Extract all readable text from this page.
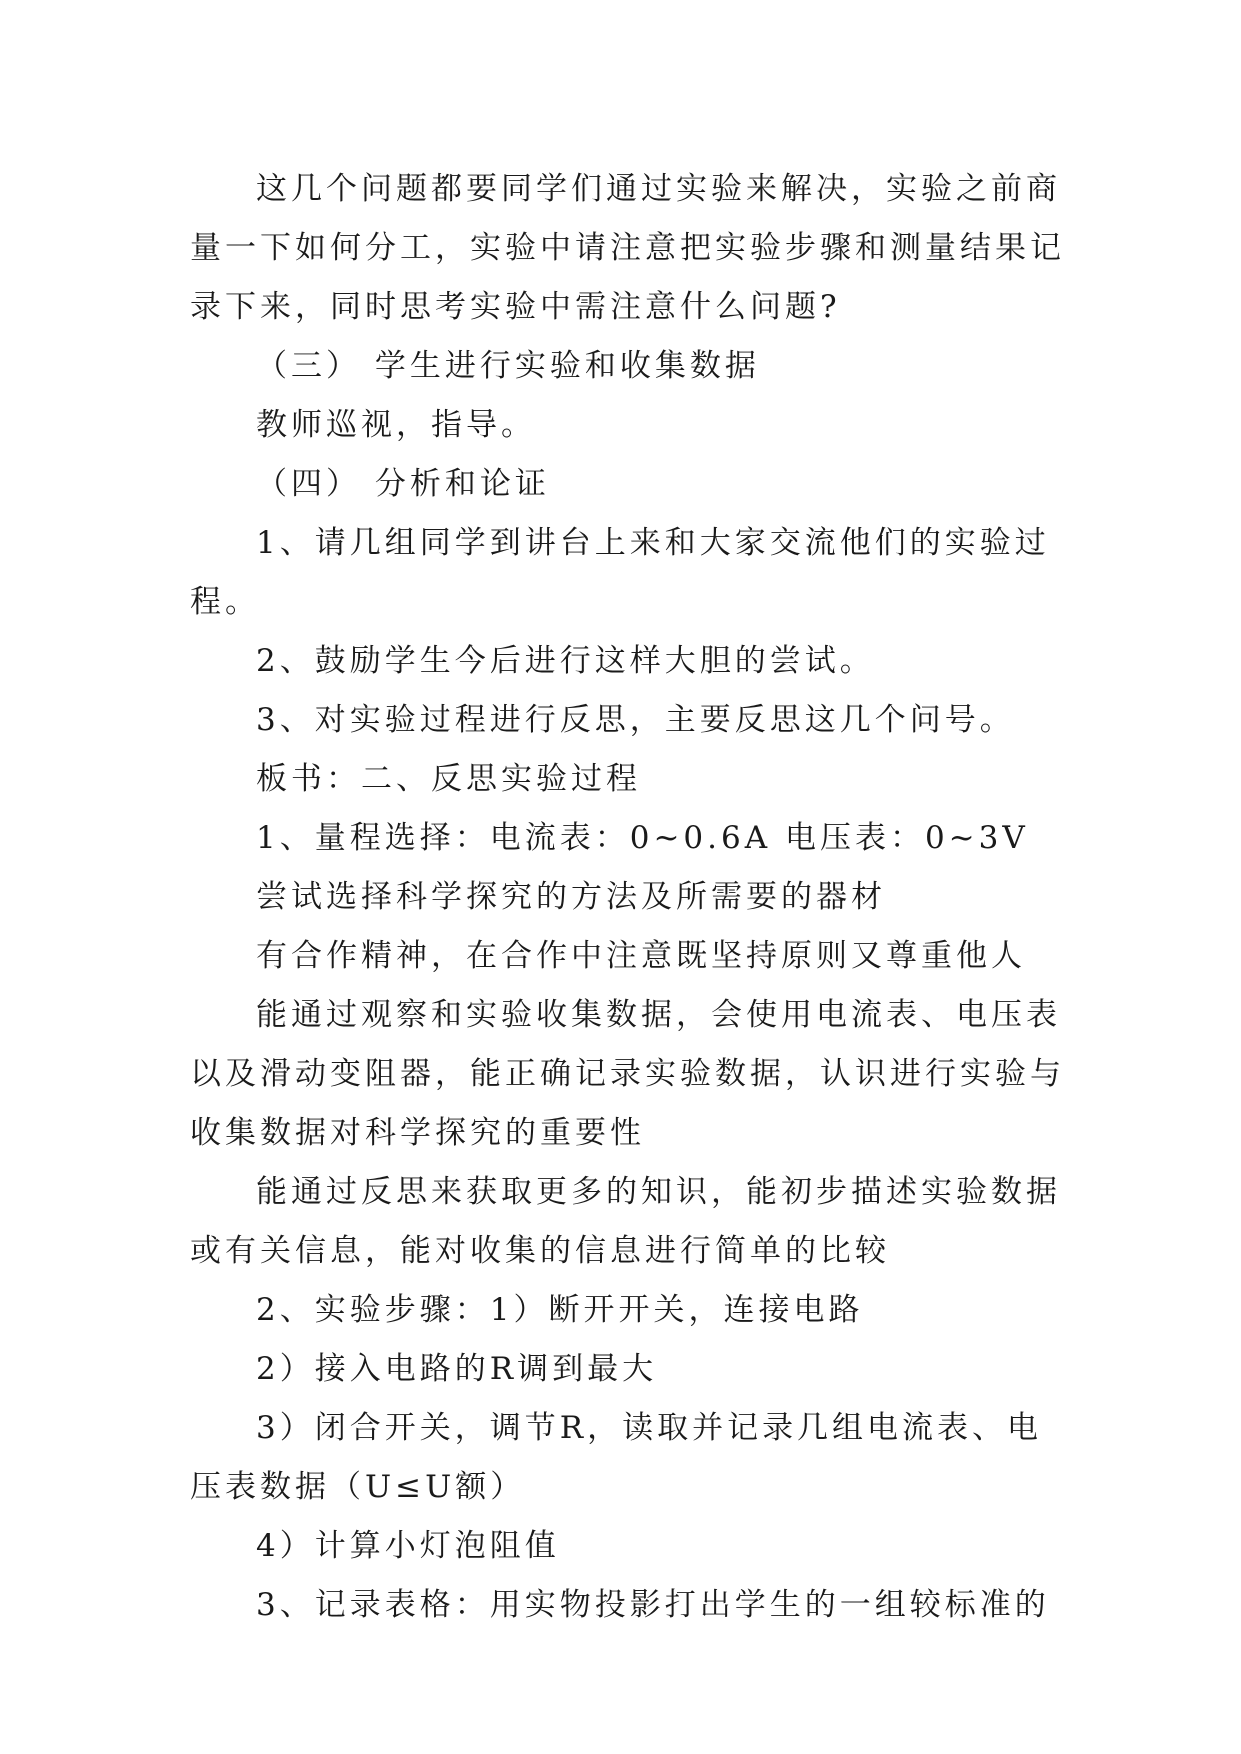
这几个问题都要同学们通过实验来解决，实验之前商量一下如何分工，实验中请注意把实验步骤和测量结果记录下来，同时思考实验中需注意什么问题?

（三） 学生进行实验和收集数据

教师巡视，指导。

（四） 分析和论证

1、请几组同学到讲台上来和大家交流他们的实验过程。

2、鼓励学生今后进行这样大胆的尝试。

3、对实验过程进行反思，主要反思这几个问号。

板书：二、反思实验过程

1、量程选择：电流表：0~0.6A 电压表：0~3V

尝试选择科学探究的方法及所需要的器材

有合作精神，在合作中注意既坚持原则又尊重他人

能通过观察和实验收集数据，会使用电流表、电压表以及滑动变阻器，能正确记录实验数据，认识进行实验与收集数据对科学探究的重要性

能通过反思来获取更多的知识，能初步描述实验数据或有关信息，能对收集的信息进行简单的比较

2、实验步骤：1）断开开关，连接电路

2）接入电路的R调到最大

3）闭合开关，调节R，读取并记录几组电流表、电压表数据（U≤U额）

4）计算小灯泡阻值

3、记录表格：用实物投影打出学生的一组较标准的
